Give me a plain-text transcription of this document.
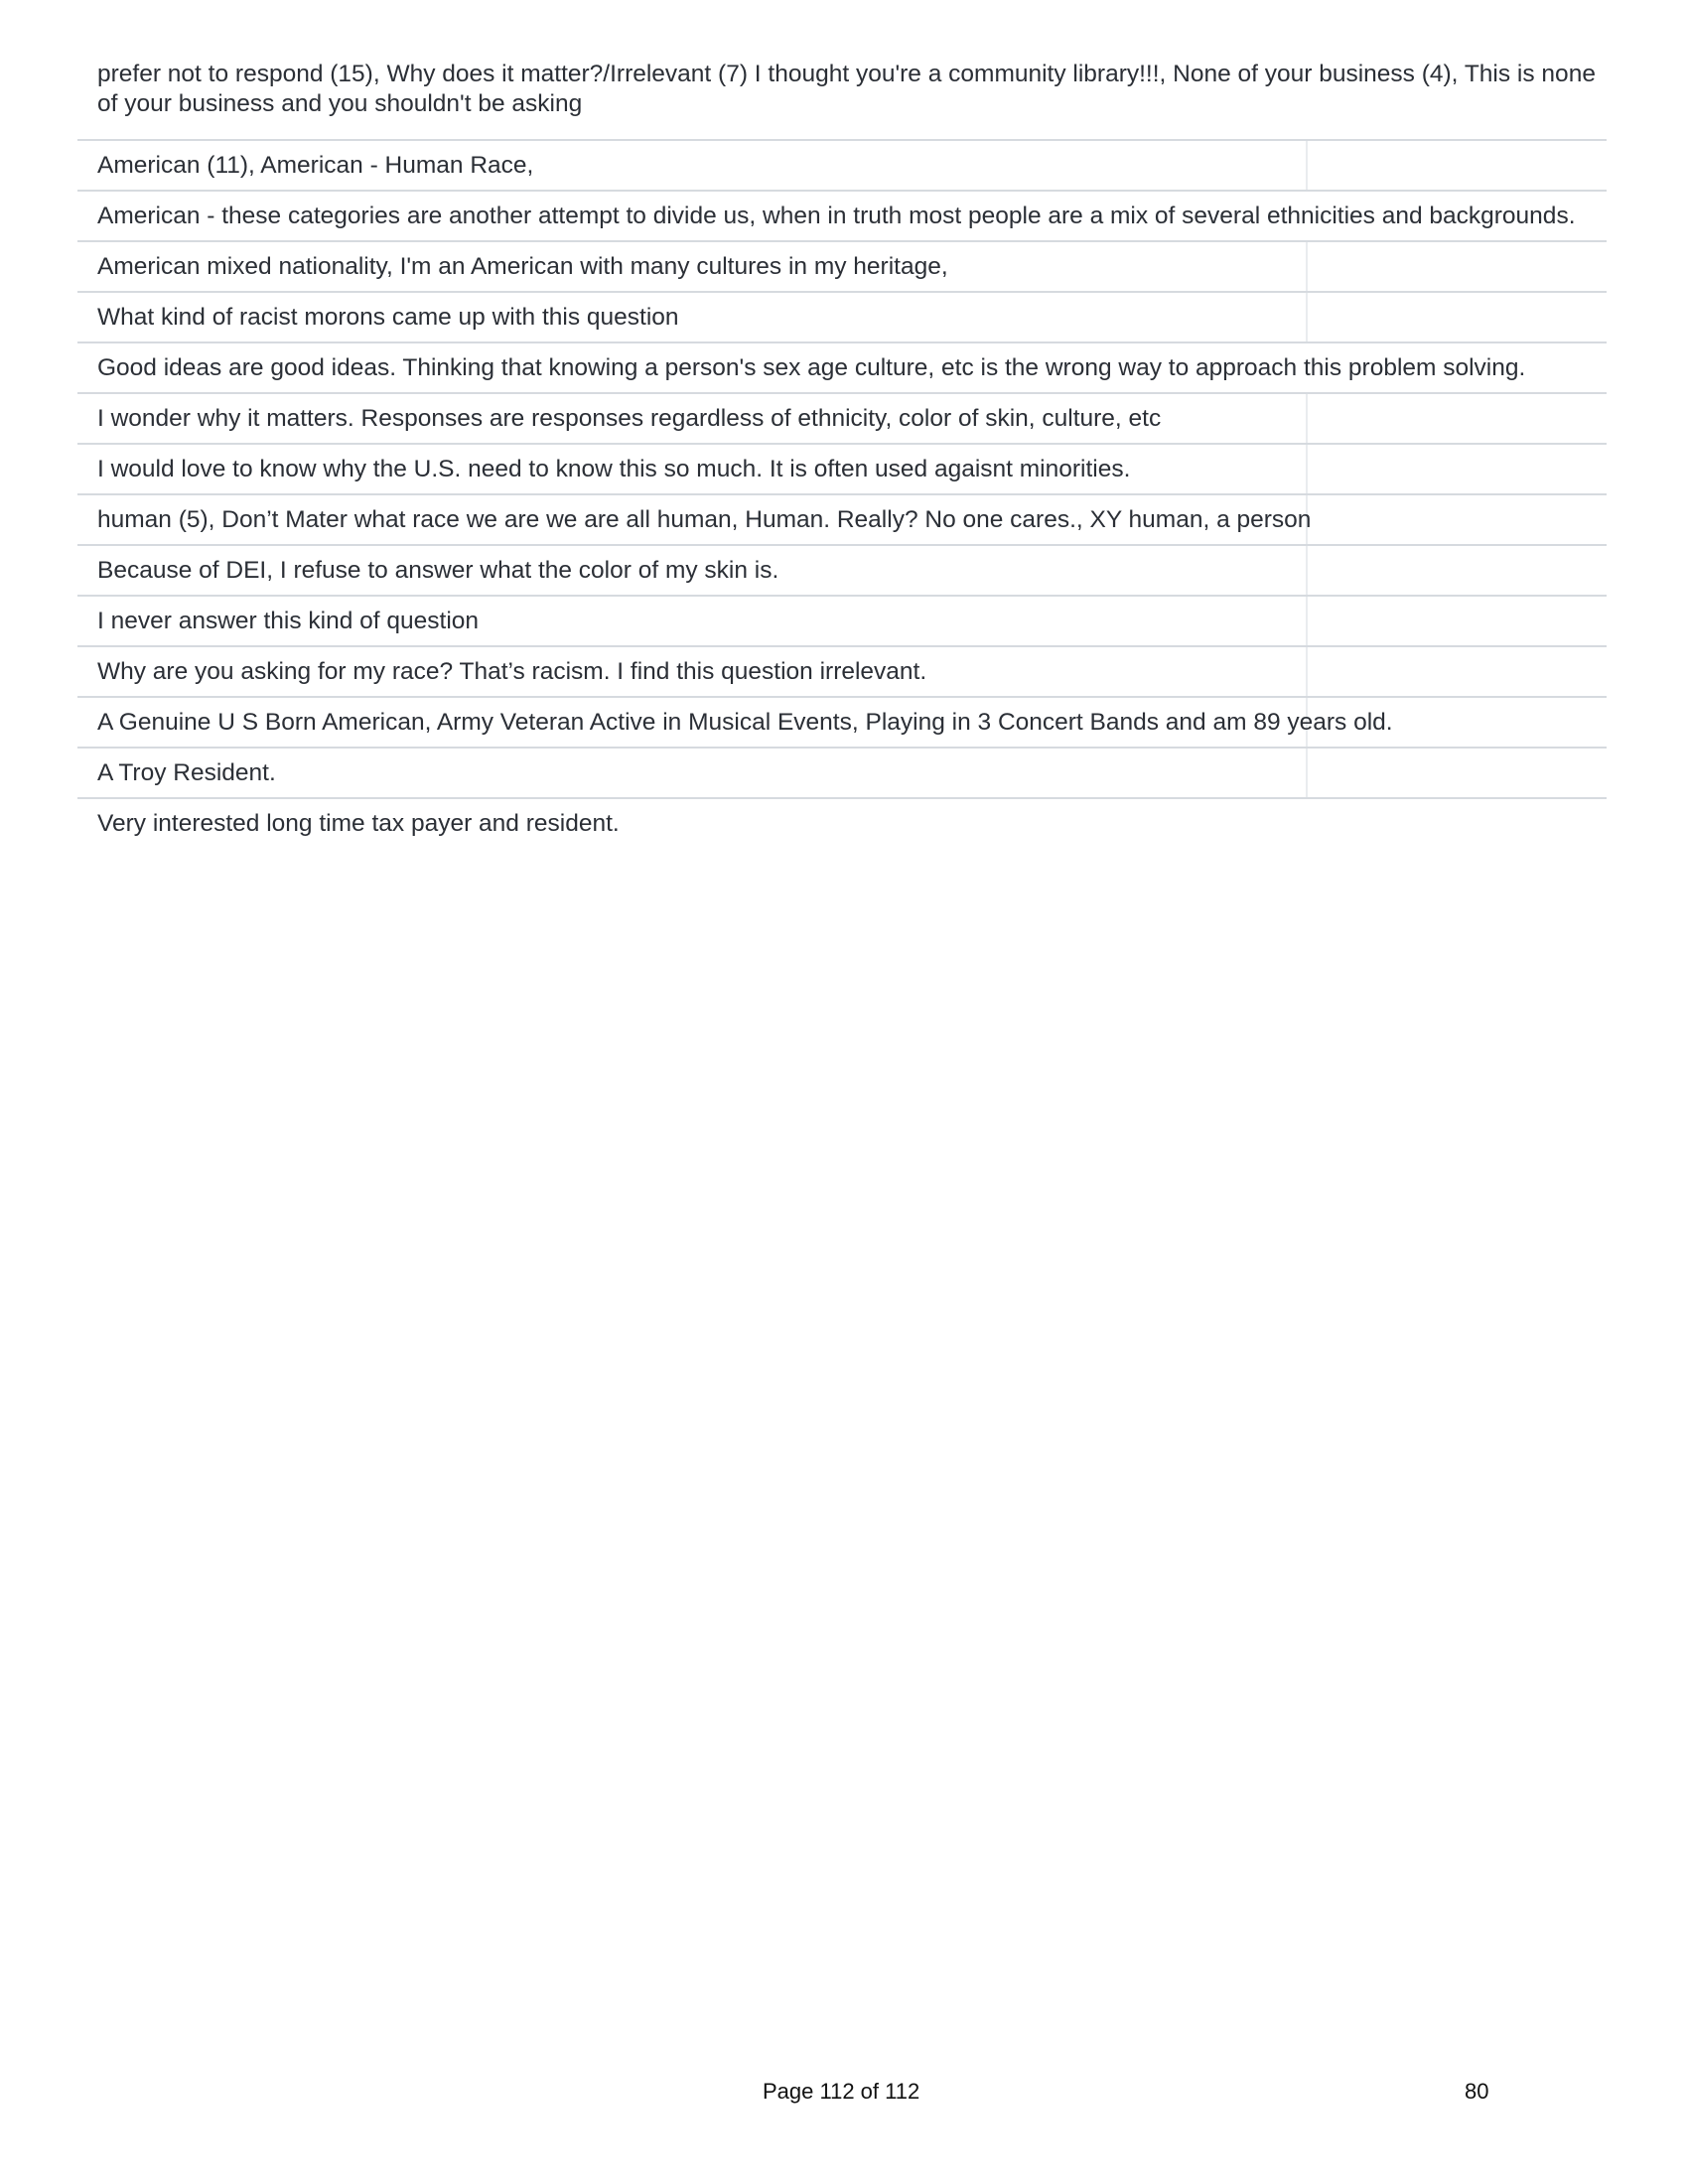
prefer not to respond (15), Why does it matter?/Irrelevant (7) I thought you're a community library!!!, None of your business (4), This is none of your business and you shouldn't be asking
American (11), American - Human Race,
American - these categories are another attempt to divide us, when in truth most people are a mix of several ethnicities and backgrounds.
American mixed nationality, I'm an American with many cultures in my heritage,
What kind of racist morons came up with this question
Good ideas are good ideas. Thinking that knowing a person's sex age culture, etc is the wrong way to approach this problem solving.
I wonder why it matters. Responses are responses regardless of ethnicity, color of skin, culture, etc
I would love to know why the U.S. need to know this so much. It is often used agaisnt minorities.
human (5), Don’t Mater what race we are we are all human, Human. Really? No one cares., XY human, a person
Because of DEI, I refuse to answer what the color of my skin is.
I never answer this kind of question
Why are you asking for my race? That’s racism. I find this question irrelevant.
A Genuine U S Born American, Army Veteran Active in Musical Events, Playing in 3 Concert Bands and am 89 years old.
A Troy Resident.
Very interested long time tax payer and resident.
Page 112 of 112	80
